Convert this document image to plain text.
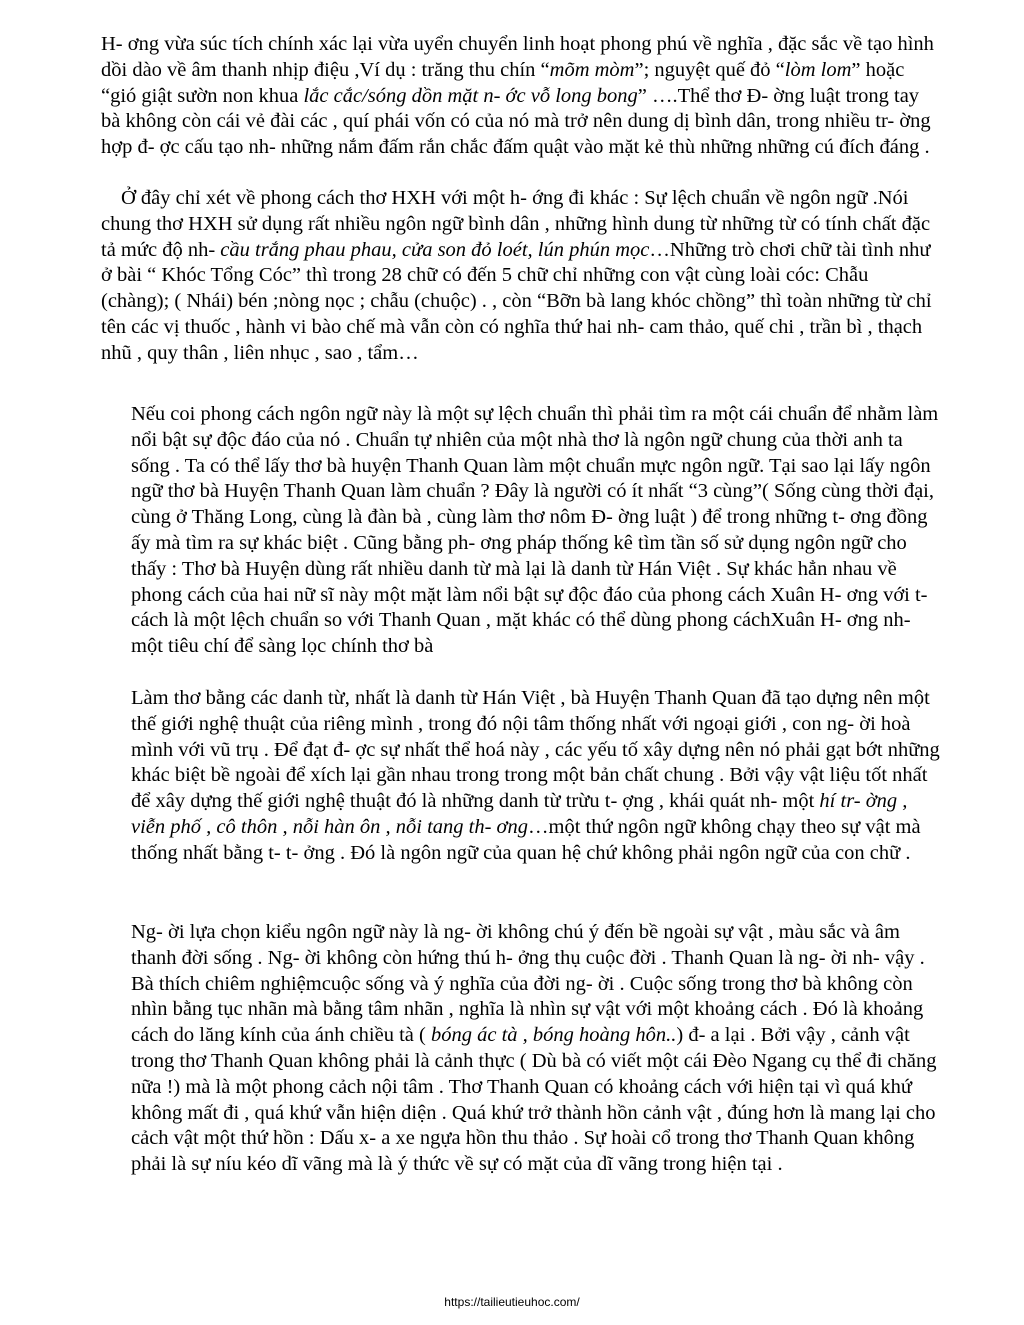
H- ơng vừa súc tích chính xác lại vừa uyển chuyển linh hoạt phong phú về nghĩa , đặc sắc về tạo hình dồi dào về âm thanh nhịp điệu ,Ví dụ : trăng thu chín “mõm mòm”; nguyệt quế đỏ “lòm lom” hoặc “gió giật sườn non khua lắc cắc/sóng dồn mặt n- ớc vỗ long bong” ….Thể thơ Đ- ờng luật trong tay bà không còn cái vẻ đài các , quí phái vốn có của nó mà trở nên dung dị bình dân, trong nhiều tr- ờng hợp đ- ợc cấu tạo nh- những nắm đấm rắn chắc đấm quật vào mặt kẻ thù những những cú đích đáng .

Ở đây chỉ xét về phong cách thơ HXH với một h- ớng đi khác : Sự lệch chuẩn về ngôn ngữ .Nói chung thơ HXH sử dụng rất nhiều ngôn ngữ bình dân , những hình dung từ những từ có tính chất đặc tả mức độ nh- cầu trắng phau phau, cửa son đỏ loét, lún phún mọc…Những trò chơi chữ tài tình như ở bài “ Khóc Tổng Cóc” thì trong 28 chữ có đến 5 chữ chỉ những con vật cùng loài cóc: Chẫu (chàng); ( Nhái) bén ;nòng nọc ; chẫu (chuộc) . , còn “Bỡn bà lang khóc chồng” thì toàn những từ chỉ tên các vị thuốc , hành vi bào chế mà vẫn còn có nghĩa thứ hai nh- cam thảo, quế chi , trần bì , thạch nhũ , quy thân , liên nhục , sao , tẩm…

Nếu coi phong cách ngôn ngữ này là một sự lệch chuẩn thì phải tìm ra một cái chuẩn để nhằm làm nổi bật sự độc đáo của nó . Chuẩn tự nhiên của một nhà thơ là ngôn ngữ chung của thời anh ta sống . Ta có thể lấy thơ bà huyện Thanh Quan làm một chuẩn mực ngôn ngữ. Tại sao lại lấy ngôn ngữ thơ bà Huyện Thanh Quan làm chuẩn ? Đây là người có ít nhất “3 cùng”( Sống cùng thời đại, cùng ở Thăng Long, cùng là đàn bà , cùng làm thơ nôm Đ- ờng luật ) để trong những t- ơng đồng ấy mà tìm ra sự khác biệt . Cũng bằng ph- ơng pháp thống kê tìm tần số sử dụng ngôn ngữ cho thấy : Thơ bà Huyện dùng rất nhiều danh từ mà lại là danh từ Hán Việt . Sự khác hẳn nhau về phong cách của hai nữ sĩ này một mặt làm nổi bật sự độc đáo của phong cách Xuân H- ơng với t- cách là một lệch chuẩn so với Thanh Quan , mặt khác có thể dùng phong cáchXuân H- ơng nh- một tiêu chí để sàng lọc chính thơ bà

Làm thơ bằng các danh từ, nhất là danh từ Hán Việt , bà Huyện Thanh Quan đã tạo dựng nên một thế giới nghệ thuật của riêng mình , trong đó nội tâm thống nhất với ngoại giới , con ng- ời hoà mình với vũ trụ . Để đạt đ- ợc sự nhất thể hoá này , các yếu tố xây dựng nên nó phải gạt bớt những khác biệt bề ngoài để xích lại gần nhau trong trong một bản chất chung . Bởi vậy vật liệu tốt nhất để xây dựng thế giới nghệ thuật đó là những danh từ trừu t- ợng , khái quát nh- một hí tr- ờng , viễn phố , cô thôn , nỗi hàn ôn , nỗi tang th- ơng…một thứ ngôn ngữ không chạy theo sự vật mà thống nhất bằng t- t- ởng . Đó là ngôn ngữ của quan hệ chứ không phải ngôn ngữ của con chữ .

Ng- ời lựa chọn kiểu ngôn ngữ này là ng- ời không chú ý đến bề ngoài sự vật , màu sắc và âm thanh đời sống . Ng- ời không còn hứng thú h- ởng thụ cuộc đời . Thanh Quan là ng- ời nh- vậy . Bà thích chiêm nghiệmcuộc sống và ý nghĩa của đời ng- ời . Cuộc sống trong thơ bà không còn nhìn bằng tục nhãn mà bằng tâm nhãn , nghĩa là nhìn sự vật với một khoảng cách . Đó là khoảng cách do lăng kính của ánh chiều tà ( bóng ác tà , bóng hoàng hôn..) đ- a lại . Bởi vậy , cảnh vật trong thơ Thanh Quan không phải là cảnh thực ( Dù bà có viết một cái Đèo Ngang cụ thể đi chăng nữa !) mà là một phong cảch nội tâm . Thơ Thanh Quan có khoảng cách với hiện tại vì quá khứ không mất đi , quá khứ vẫn hiện diện . Quá khứ trở thành hồn cảnh vật , đúng hơn là mang lại cho cảch vật một thứ hồn : Dấu x- a xe ngựa hồn thu thảo . Sự hoài cổ trong thơ Thanh Quan không phải là sự níu kéo dĩ vãng mà là ý thức về sự có mặt của dĩ vãng trong hiện tại .

https://tailieutieuhoc.com/
